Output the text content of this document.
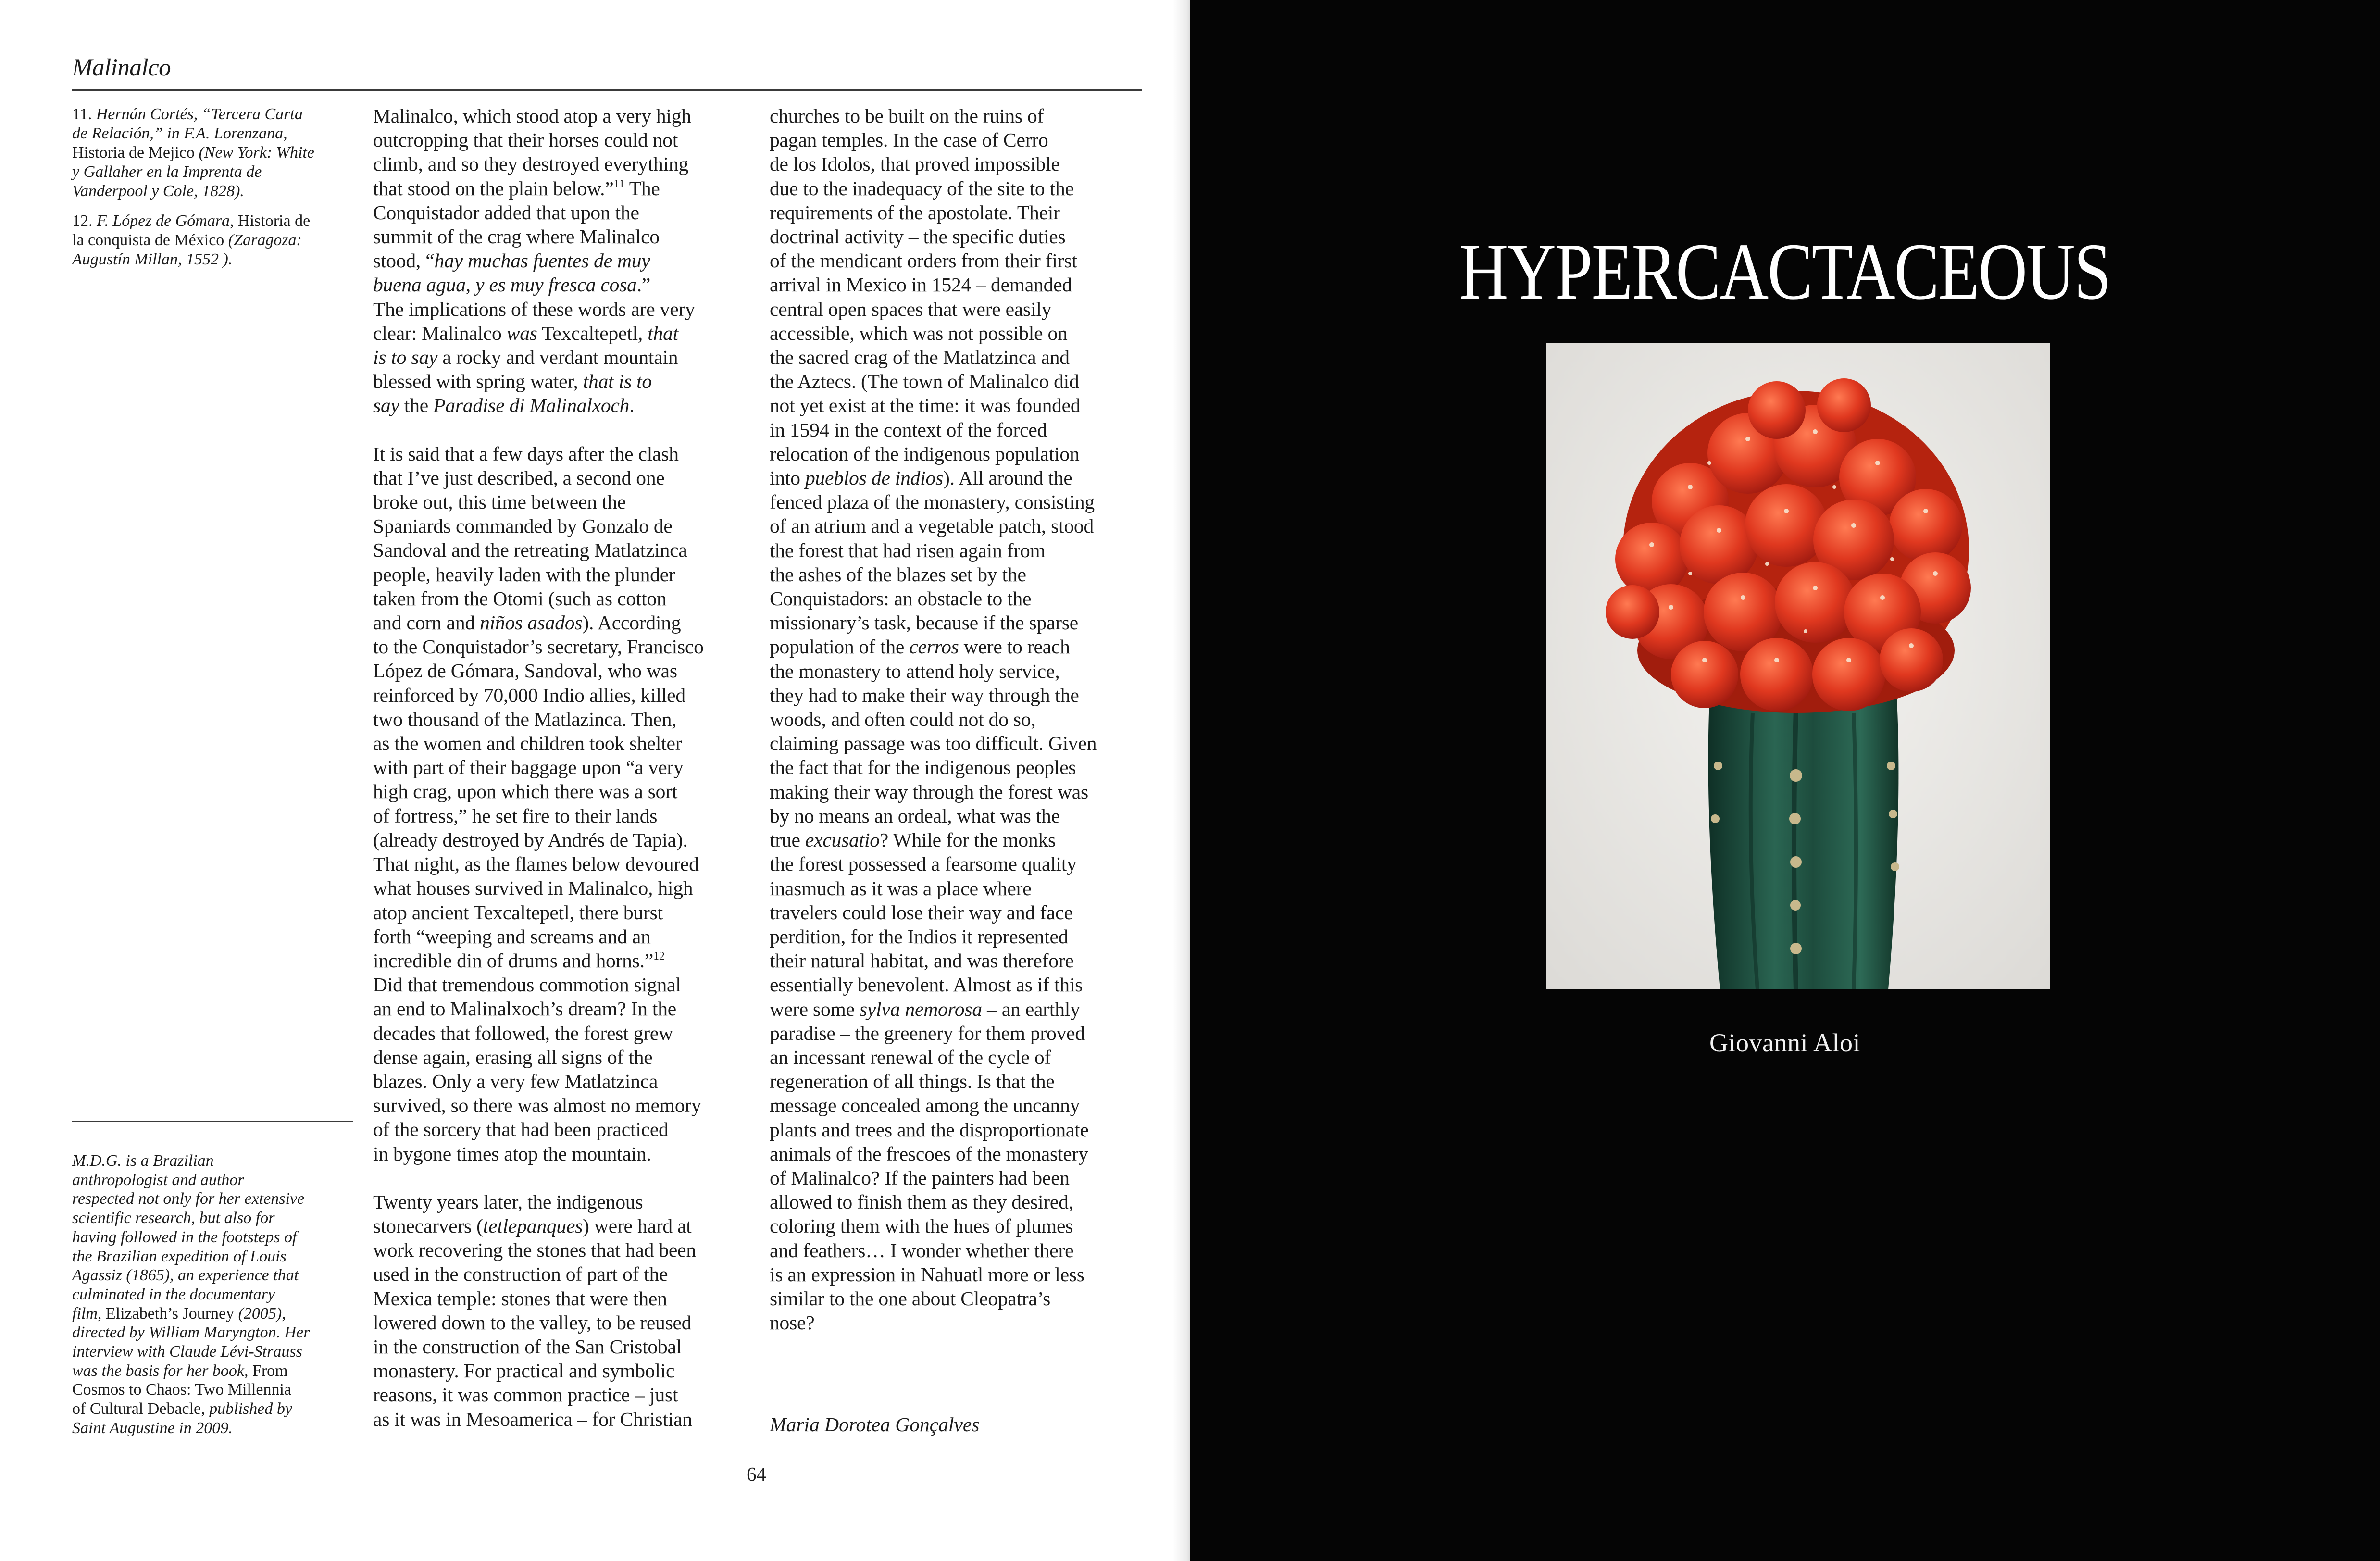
Malinalco
11. Hernán Cortés, “Tercera Carta
de Relación,” in F.A. Lorenzana,
Historia de Mejico (New York: White
y Gallaher en la Imprenta de
Vanderpool y Cole, 1828).
12. F. López de Gómara, Historia de
la conquista de México (Zaragoza:
Augustín Millan, 1552 ).

Malinalco, which stood atop a very high
outcropping that their horses could not
climb, and so they destroyed everything
that stood on the plain below.”$^{11}$ The
Conquistador added that upon the
summit of the crag where Malinalco
stood, “hay muchas fuentes de muy
buena agua, y es muy fresca cosa.”
The implications of these words are very
clear: Malinalco was Texcaltepetl, that
is to say a rocky and verdant mountain
blessed with spring water, that is to
say the Paradise di Malinalxoch.

It is said that a few days after the clash
that I’ve just described, a second one
broke out, this time between the
Spaniards commanded by Gonzalo de
Sandoval and the retreating Matlatzinca
people, heavily laden with the plunder
taken from the Otomi (such as cotton
and corn and niños asados). According
to the Conquistador’s secretary, Francisco
López de Gómara, Sandoval, who was
reinforced by 70,000 Indio allies, killed
two thousand of the Matlazinca. Then,
as the women and children took shelter
with part of their baggage upon “a very
high crag, upon which there was a sort
of fortress,” he set fire to their lands
(already destroyed by Andrés de Tapia).
That night, as the flames below devoured
what houses survived in Malinalco, high
atop ancient Texcaltepetl, there burst
forth “weeping and screams and an
incredible din of drums and horns.”$^{12}$
Did that tremendous commotion signal
an end to Malinalxoch’s dream? In the
decades that followed, the forest grew
dense again, erasing all signs of the
blazes. Only a very few Matlatzinca
survived, so there was almost no memory
of the sorcery that had been practiced
in bygone times atop the mountain.

Twenty years later, the indigenous
stonecarvers (tetlepanques) were hard at
work recovering the stones that had been
used in the construction of part of the
Mexica temple: stones that were then
lowered down to the valley, to be reused
in the construction of the San Cristobal
monastery. For practical and symbolic
reasons, it was common practice – just
as it was in Mesoamerica – for Christian

churches to be built on the ruins of
pagan temples. In the case of Cerro
de los Idolos, that proved impossible
due to the inadequacy of the site to the
requirements of the apostolate. Their
doctrinal activity – the specific duties
of the mendicant orders from their first
arrival in Mexico in 1524 – demanded
central open spaces that were easily
accessible, which was not possible on
the sacred crag of the Matlatzinca and
the Aztecs. (The town of Malinalco did
not yet exist at the time: it was founded
in 1594 in the context of the forced
relocation of the indigenous population
into pueblos de indios). All around the
fenced plaza of the monastery, consisting
of an atrium and a vegetable patch, stood
the forest that had risen again from
the ashes of the blazes set by the
Conquistadors: an obstacle to the
missionary’s task, because if the sparse
population of the cerros were to reach
the monastery to attend holy service,
they had to make their way through the
woods, and often could not do so,
claiming passage was too difficult. Given
the fact that for the indigenous peoples
making their way through the forest was
by no means an ordeal, what was the
true excusatio? While for the monks
the forest possessed a fearsome quality
inasmuch as it was a place where
travelers could lose their way and face
perdition, for the Indios it represented
their natural habitat, and was therefore
essentially benevolent. Almost as if this
were some sylva nemorosa – an earthly
paradise – the greenery for them proved
an incessant renewal of the cycle of
regeneration of all things. Is that the
message concealed among the uncanny
plants and trees and the disproportionate
animals of the frescoes of the monastery
of Malinalco? If the painters had been
allowed to finish them as they desired,
coloring them with the hues of plumes
and feathers… I wonder whether there
is an expression in Nahuatl more or less
similar to the one about Cleopatra’s
nose?

M.D.G. is a Brazilian
anthropologist and author
respected not only for her extensive
scientific research, but also for
having followed in the footsteps of
the Brazilian expedition of Louis
Agassiz (1865), an experience that
culminated in the documentary
film, Elizabeth’s Journey (2005),
directed by William Maryngton. Her
interview with Claude Lévi-Strauss
was the basis for her book, From
Cosmos to Chaos: Two Millennia
of Cultural Debacle, published by
Saint Augustine in 2009.	Maria Dorotea Gonçalves
64
HYPERCACTACEOUS
Giovanni Aloi
